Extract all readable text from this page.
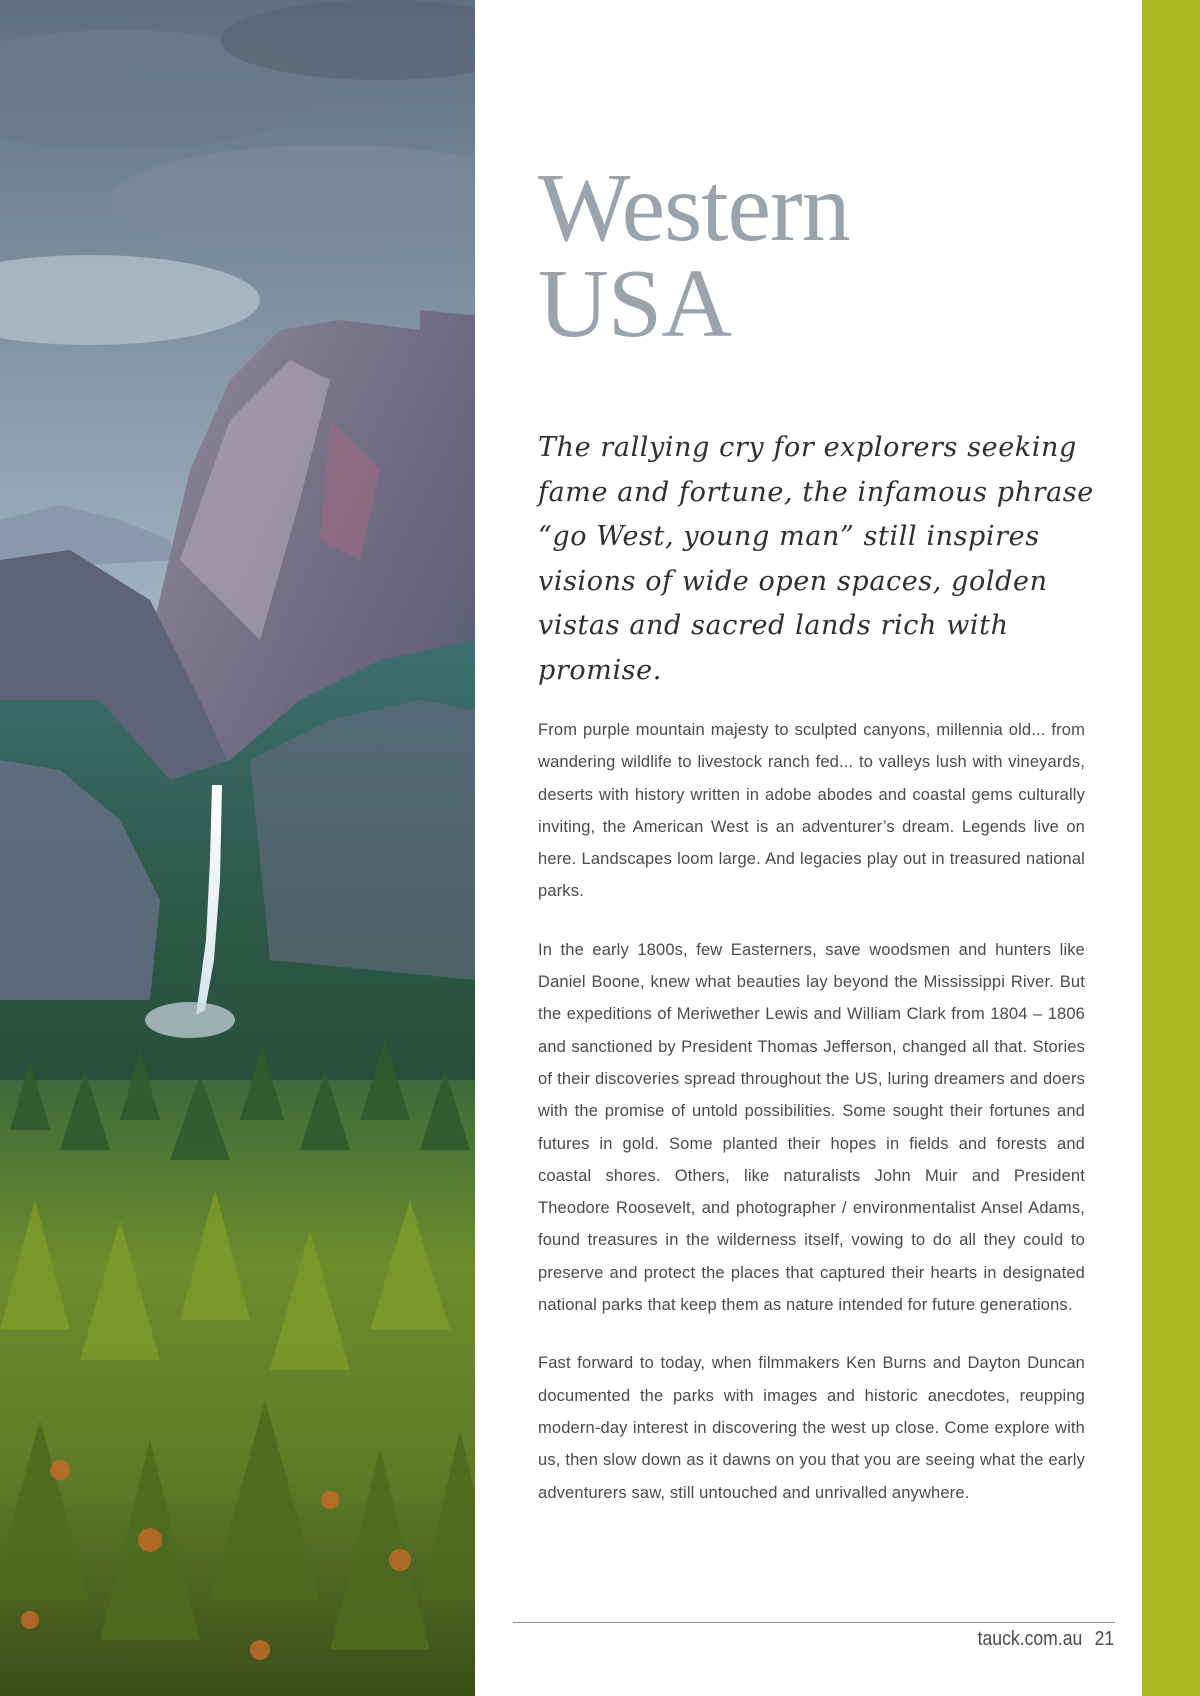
Western
USA

The rallying cry for explorers seeking fame and fortune, the infamous phrase “go West, young man” still inspires visions of wide open spaces, golden vistas and sacred lands rich with promise.

From purple mountain majesty to sculpted canyons, millennia old... from wandering wildlife to livestock ranch fed... to valleys lush with vineyards, deserts with history written in adobe abodes and coastal gems culturally inviting, the American West is an adventurer’s dream. Legends live on here. Landscapes loom large. And legacies play out in treasured national parks.

In the early 1800s, few Easterners, save woodsmen and hunters like Daniel Boone, knew what beauties lay beyond the Mississippi River. But the expeditions of Meriwether Lewis and William Clark from 1804 – 1806 and sanctioned by President Thomas Jefferson, changed all that. Stories of their discoveries spread throughout the US, luring dreamers and doers with the promise of untold possibilities. Some sought their fortunes and futures in gold. Some planted their hopes in fields and forests and coastal shores. Others, like naturalists John Muir and President Theodore Roosevelt, and photographer / environmentalist Ansel Adams, found treasures in the wilderness itself, vowing to do all they could to preserve and protect the places that captured their hearts in designated national parks that keep them as nature intended for future generations.

Fast forward to today, when filmmakers Ken Burns and Dayton Duncan documented the parks with images and historic anecdotes, reupping modern-day interest in discovering the west up close. Come explore with us, then slow down as it dawns on you that you are seeing what the early adventurers saw, still untouched and unrivalled anywhere.

tauck.com.au 21
